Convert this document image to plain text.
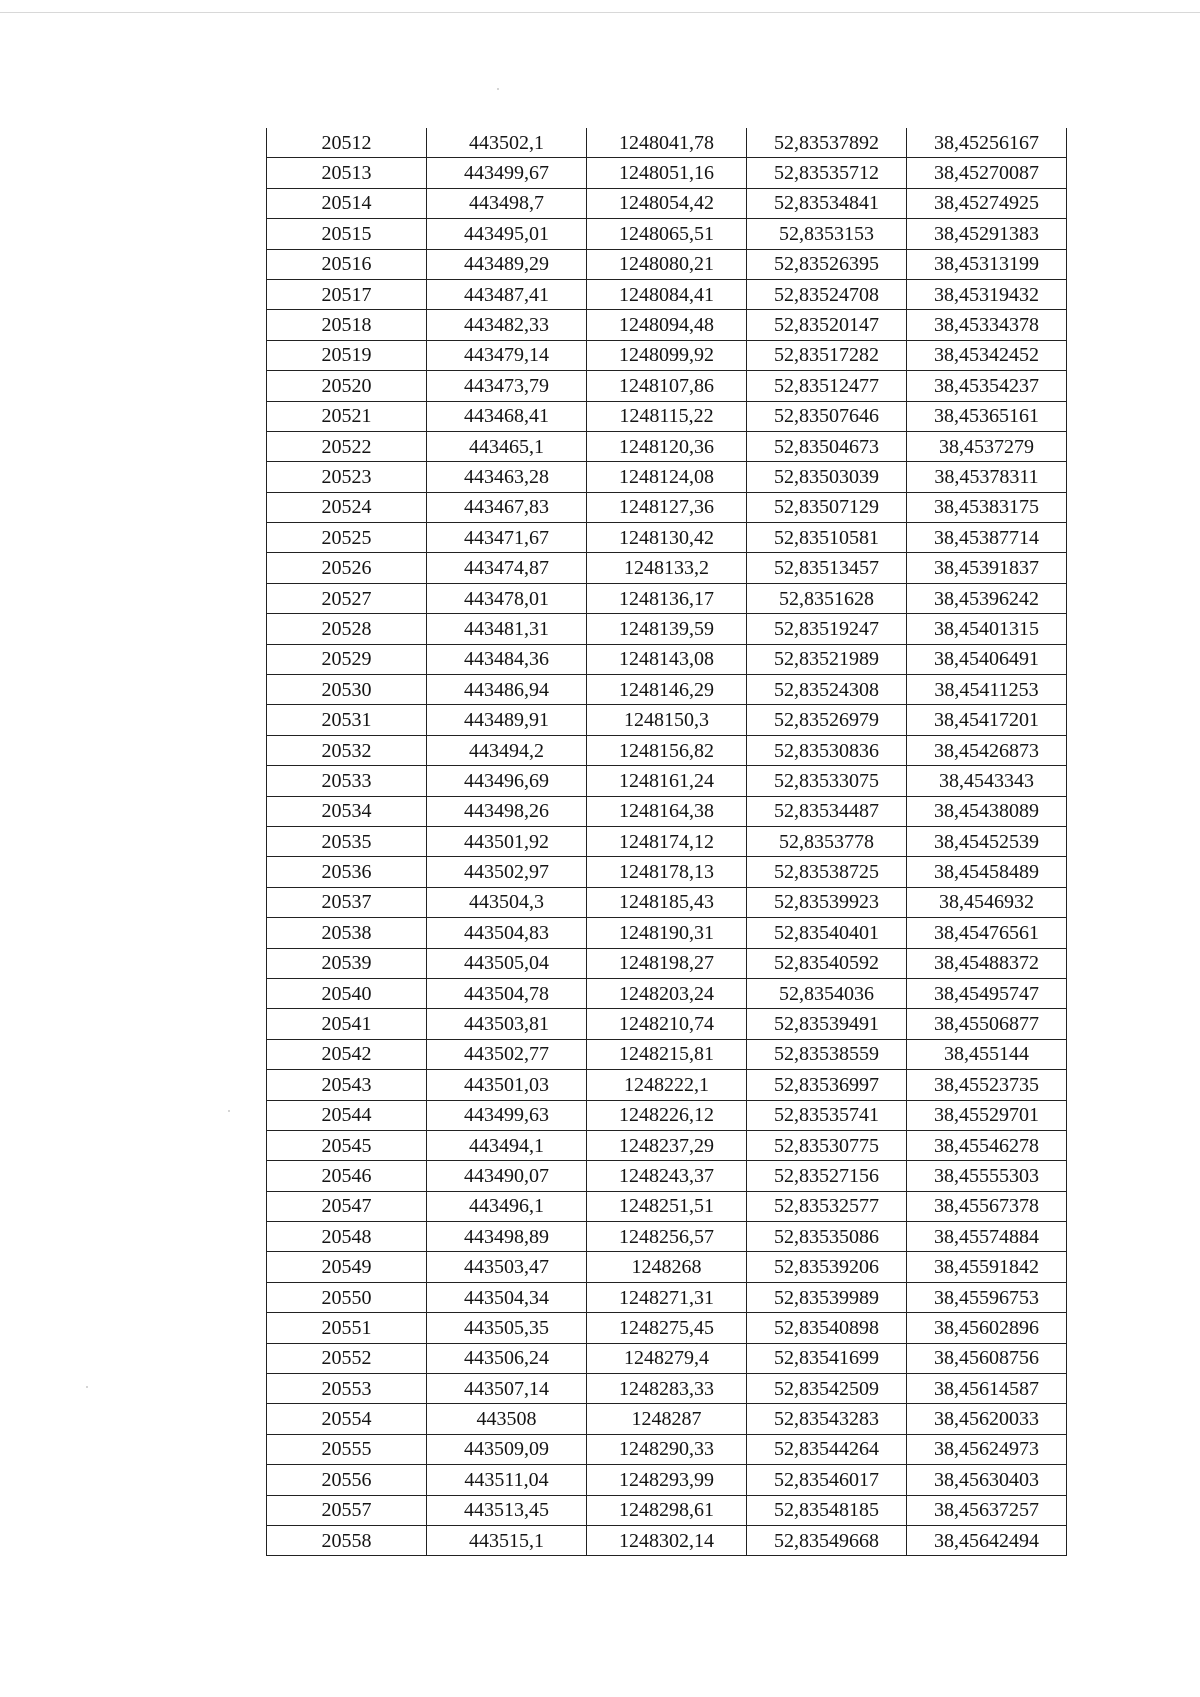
20512	443502,1	1248041,78	52,83537892	38,45256167
20513	443499,67	1248051,16	52,83535712	38,45270087
20514	443498,7	1248054,42	52,83534841	38,45274925
20515	443495,01	1248065,51	52,8353153	38,45291383
20516	443489,29	1248080,21	52,83526395	38,45313199
20517	443487,41	1248084,41	52,83524708	38,45319432
20518	443482,33	1248094,48	52,83520147	38,45334378
20519	443479,14	1248099,92	52,83517282	38,45342452
20520	443473,79	1248107,86	52,83512477	38,45354237
20521	443468,41	1248115,22	52,83507646	38,45365161
20522	443465,1	1248120,36	52,83504673	38,4537279
20523	443463,28	1248124,08	52,83503039	38,45378311
20524	443467,83	1248127,36	52,83507129	38,45383175
20525	443471,67	1248130,42	52,83510581	38,45387714
20526	443474,87	1248133,2	52,83513457	38,45391837
20527	443478,01	1248136,17	52,8351628	38,45396242
20528	443481,31	1248139,59	52,83519247	38,45401315
20529	443484,36	1248143,08	52,83521989	38,45406491
20530	443486,94	1248146,29	52,83524308	38,45411253
20531	443489,91	1248150,3	52,83526979	38,45417201
20532	443494,2	1248156,82	52,83530836	38,45426873
20533	443496,69	1248161,24	52,83533075	38,4543343
20534	443498,26	1248164,38	52,83534487	38,45438089
20535	443501,92	1248174,12	52,8353778	38,45452539
20536	443502,97	1248178,13	52,83538725	38,45458489
20537	443504,3	1248185,43	52,83539923	38,4546932
20538	443504,83	1248190,31	52,83540401	38,45476561
20539	443505,04	1248198,27	52,83540592	38,45488372
20540	443504,78	1248203,24	52,8354036	38,45495747
20541	443503,81	1248210,74	52,83539491	38,45506877
20542	443502,77	1248215,81	52,83538559	38,455144
20543	443501,03	1248222,1	52,83536997	38,45523735
20544	443499,63	1248226,12	52,83535741	38,45529701
20545	443494,1	1248237,29	52,83530775	38,45546278
20546	443490,07	1248243,37	52,83527156	38,45555303
20547	443496,1	1248251,51	52,83532577	38,45567378
20548	443498,89	1248256,57	52,83535086	38,45574884
20549	443503,47	1248268	52,83539206	38,45591842
20550	443504,34	1248271,31	52,83539989	38,45596753
20551	443505,35	1248275,45	52,83540898	38,45602896
20552	443506,24	1248279,4	52,83541699	38,45608756
20553	443507,14	1248283,33	52,83542509	38,45614587
20554	443508	1248287	52,83543283	38,45620033
20555	443509,09	1248290,33	52,83544264	38,45624973
20556	443511,04	1248293,99	52,83546017	38,45630403
20557	443513,45	1248298,61	52,83548185	38,45637257
20558	443515,1	1248302,14	52,83549668	38,45642494
